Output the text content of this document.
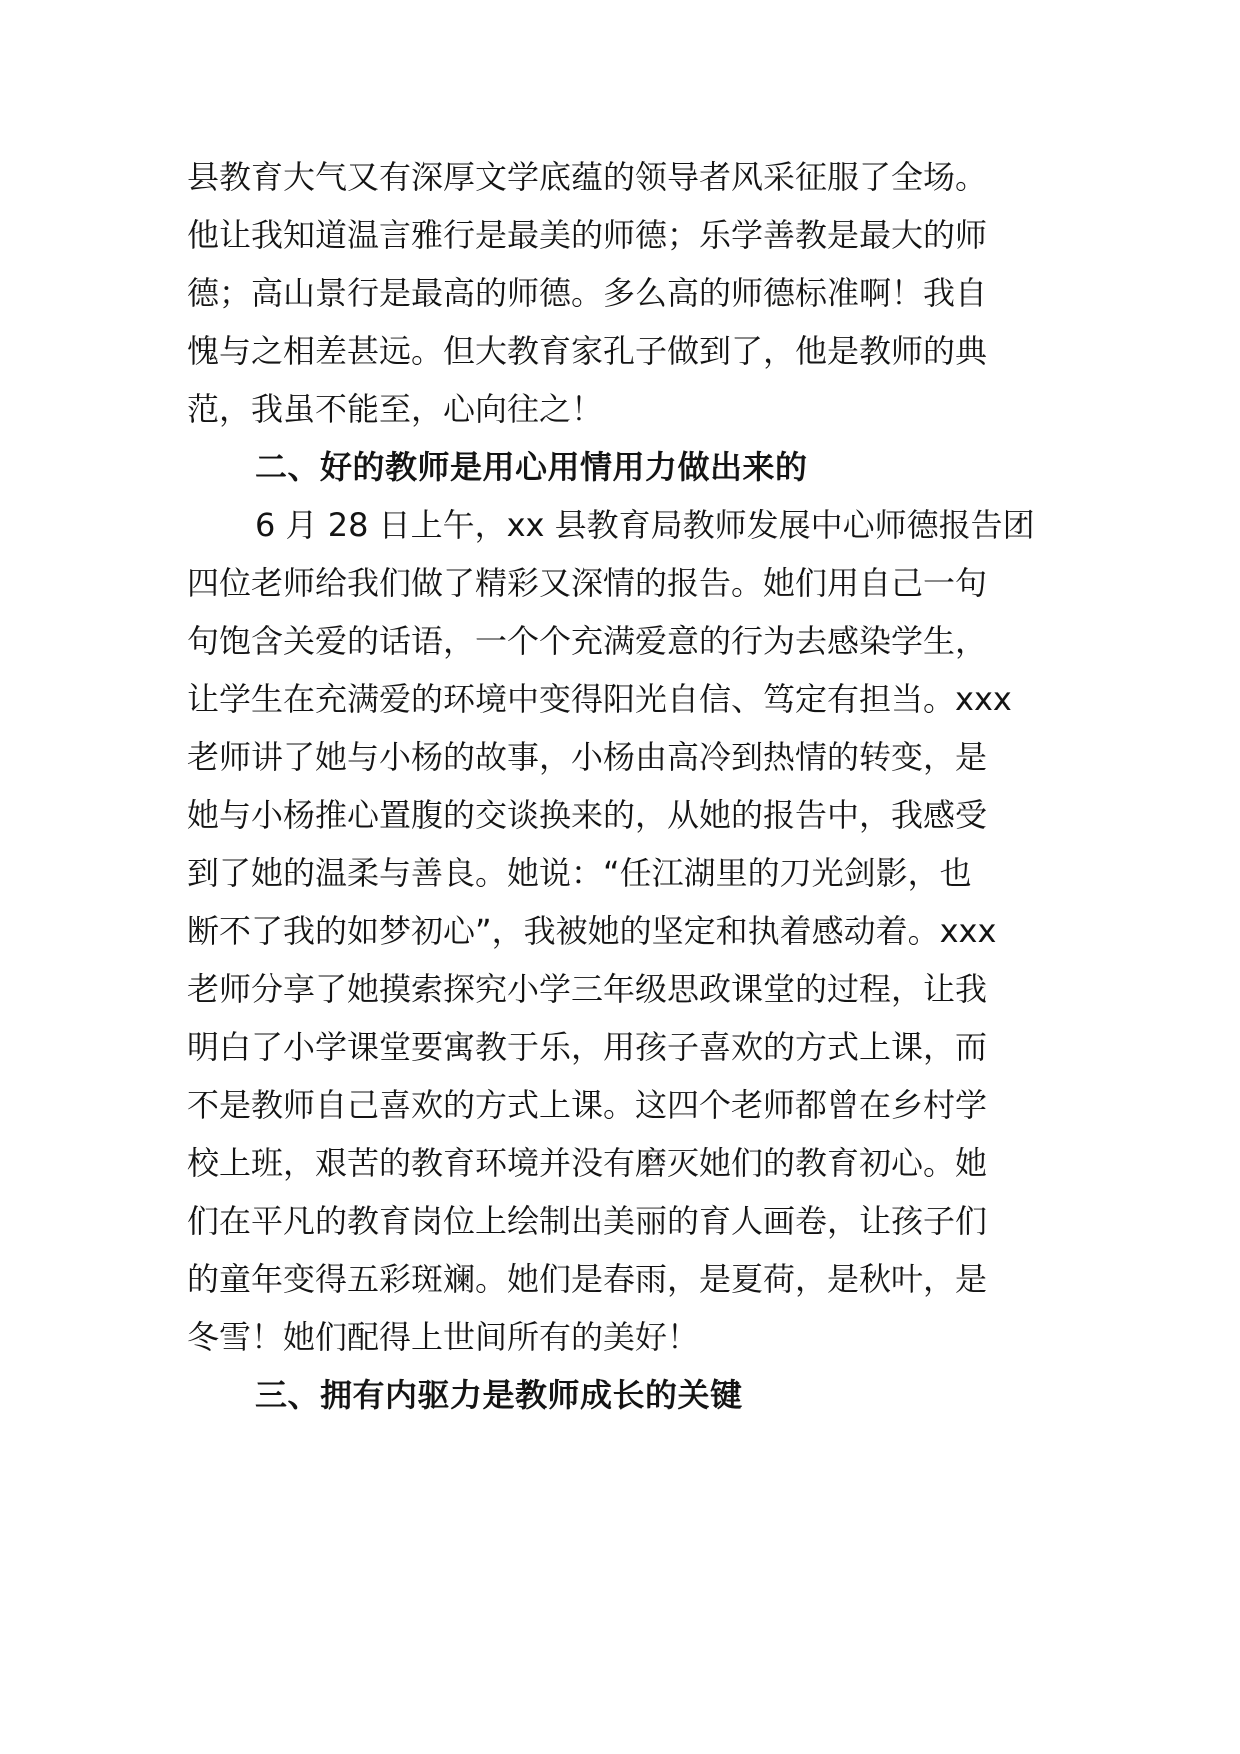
县教育大气又有深厚文学底蕴的领导者风采征服了全场。
他让我知道温言雅行是最美的师德；乐学善教是最大的师
德；高山景行是最高的师德。多么高的师德标准啊！我自
愧与之相差甚远。但大教育家孔子做到了，他是教师的典
范，我虽不能至，心向往之！
二、好的教师是用心用情用力做出来的
6 月 28 日上午，xx 县教育局教师发展中心师德报告团
四位老师给我们做了精彩又深情的报告。她们用自己一句
句饱含关爱的话语，一个个充满爱意的行为去感染学生，
让学生在充满爱的环境中变得阳光自信、笃定有担当。xxx
老师讲了她与小杨的故事，小杨由高冷到热情的转变，是
她与小杨推心置腹的交谈换来的，从她的报告中，我感受
到了她的温柔与善良。她说：“任江湖里的刀光剑影，也
断不了我的如梦初心”，我被她的坚定和执着感动着。xxx
老师分享了她摸索探究小学三年级思政课堂的过程，让我
明白了小学课堂要寓教于乐，用孩子喜欢的方式上课，而
不是教师自己喜欢的方式上课。这四个老师都曾在乡村学
校上班，艰苦的教育环境并没有磨灭她们的教育初心。她
们在平凡的教育岗位上绘制出美丽的育人画卷，让孩子们
的童年变得五彩斑斓。她们是春雨，是夏荷，是秋叶，是
冬雪！她们配得上世间所有的美好！
三、拥有内驱力是教师成长的关键
